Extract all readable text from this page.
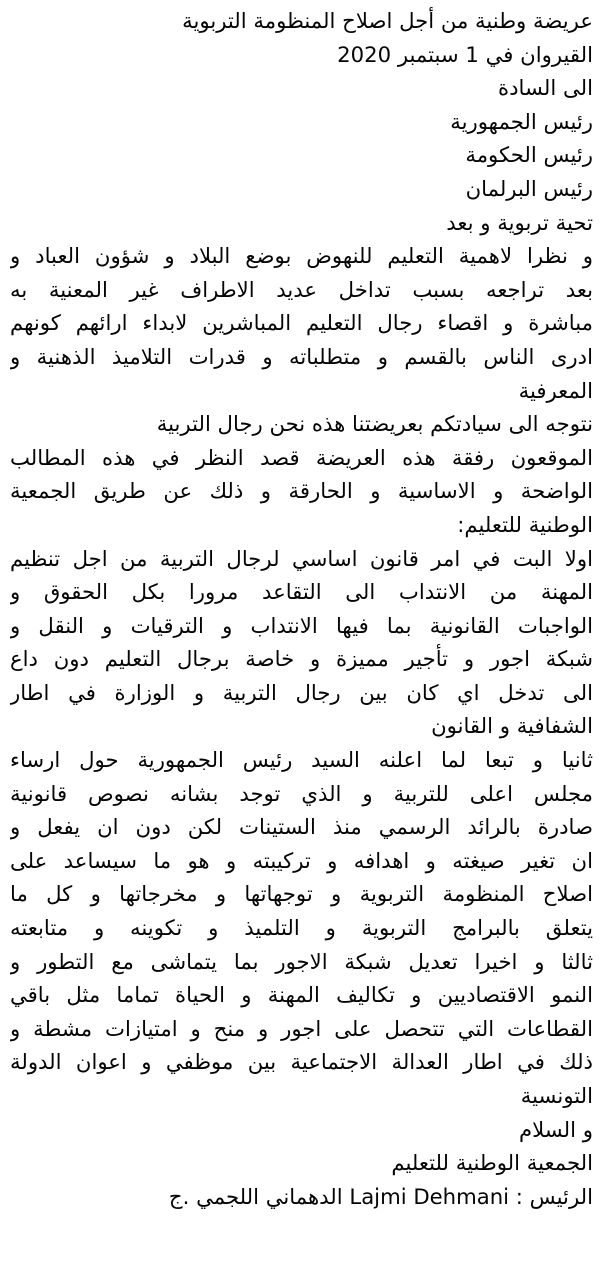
عريضة وطنية من أجل اصلاح المنظومة التربوية
القيروان في 1 سبتمبر 2020
الى السادة
رئيس الجمهورية
رئيس الحكومة
رئيس البرلمان
تحية تربوية و بعد
و نظرا لاهمية التعليم للنهوض بوضع البلاد و شؤون العباد و
بعد تراجعه بسبب تداخل عديد الاطراف غير المعنية به
مباشرة و اقصاء رجال التعليم المباشرين لابداء ارائهم كونهم
ادرى الناس بالقسم و متطلباته و قدرات التلاميذ الذهنية و
المعرفية
نتوجه الى سيادتكم بعريضتنا هذه نحن رجال التربية
الموقعون رفقة هذه العريضة قصد النظر في هذه المطالب
الواضحة و الاساسية و الحارقة و ذلك عن طريق الجمعية
الوطنية للتعليم:
اولا البت في امر قانون اساسي لرجال التربية من اجل تنظيم
المهنة من الانتداب الى التقاعد مرورا بكل الحقوق و
الواجبات القانونية بما فيها الانتداب و الترقيات و النقل و
شبكة اجور و تأجير مميزة و خاصة برجال التعليم دون داع
الى تدخل اي كان بين رجال التربية و الوزارة في اطار
الشفافية و القانون
ثانيا و تبعا لما اعلنه السيد رئيس الجمهورية حول ارساء
مجلس اعلى للتربية و الذي توجد بشانه نصوص قانونية
صادرة بالرائد الرسمي منذ الستينات لكن دون ان يفعل و
ان تغير صيغته و اهدافه و تركيبته و هو ما سيساعد على
اصلاح المنظومة التربوية و توجهاتها و مخرجاتها و كل ما
يتعلق بالبرامج التربوية و التلميذ و تكوينه و متابعته
ثالثا و اخيرا تعديل شبكة الاجور بما يتماشى مع التطور و
النمو الاقتصاديين و تكاليف المهنة و الحياة تماما مثل باقي
القطاعات التي تتحصل على اجور و منح و امتيازات مشطة و
ذلك في اطار العدالة الاجتماعية بين موظفي و اعوان الدولة
التونسية
و السلام
الجمعية الوطنية للتعليم
الرئيس : Lajmi Dehmani الدهماني اللجمي .ج
